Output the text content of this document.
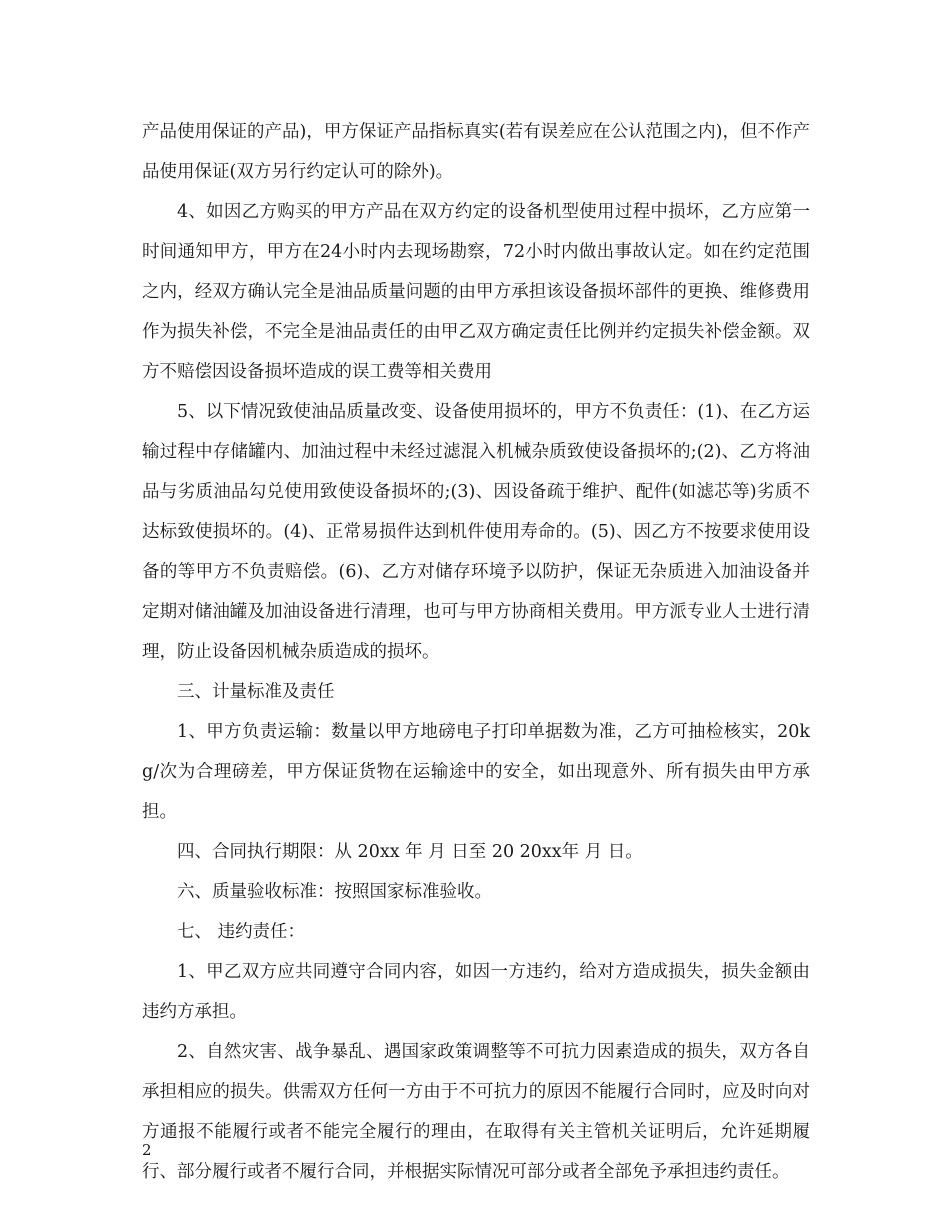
产品使用保证的产品)，甲方保证产品指标真实(若有误差应在公认范围之内)，但不作产品使用保证(双方另行约定认可的除外)。

4、如因乙方购买的甲方产品在双方约定的设备机型使用过程中损坏，乙方应第一时间通知甲方，甲方在24小时内去现场勘察，72小时内做出事故认定。如在约定范围之内，经双方确认完全是油品质量问题的由甲方承担该设备损坏部件的更换、维修费用作为损失补偿，不完全是油品责任的由甲乙双方确定责任比例并约定损失补偿金额。双方不赔偿因设备损坏造成的误工费等相关费用

5、以下情况致使油品质量改变、设备使用损坏的，甲方不负责任：(1)、在乙方运输过程中存储罐内、加油过程中未经过滤混入机械杂质致使设备损坏的;(2)、乙方将油品与劣质油品勾兑使用致使设备损坏的;(3)、因设备疏于维护、配件(如滤芯等)劣质不达标致使损坏的。(4)、正常易损件达到机件使用寿命的。(5)、因乙方不按要求使用设备的等甲方不负责赔偿。(6)、乙方对储存环境予以防护，保证无杂质进入加油设备并定期对储油罐及加油设备进行清理，也可与甲方协商相关费用。甲方派专业人士进行清理，防止设备因机械杂质造成的损坏。

三、计量标准及责任

1、甲方负责运输：数量以甲方地磅电子打印单据数为准，乙方可抽检核实，20kg/次为合理磅差，甲方保证货物在运输途中的安全，如出现意外、所有损失由甲方承担。

四、合同执行期限：从 20xx 年 月 日至 20 20xx年 月 日。

六、质量验收标准：按照国家标准验收。

七、 违约责任：

1、甲乙双方应共同遵守合同内容，如因一方违约，给对方造成损失，损失金额由违约方承担。

2、自然灾害、战争暴乱、遇国家政策调整等不可抗力因素造成的损失，双方各自承担相应的损失。供需双方任何一方由于不可抗力的原因不能履行合同时，应及时向对方通报不能履行或者不能完全履行的理由，在取得有关主管机关证明后，允许延期履行、部分履行或者不履行合同，并根据实际情况可部分或者全部免予承担违约责任。

2
